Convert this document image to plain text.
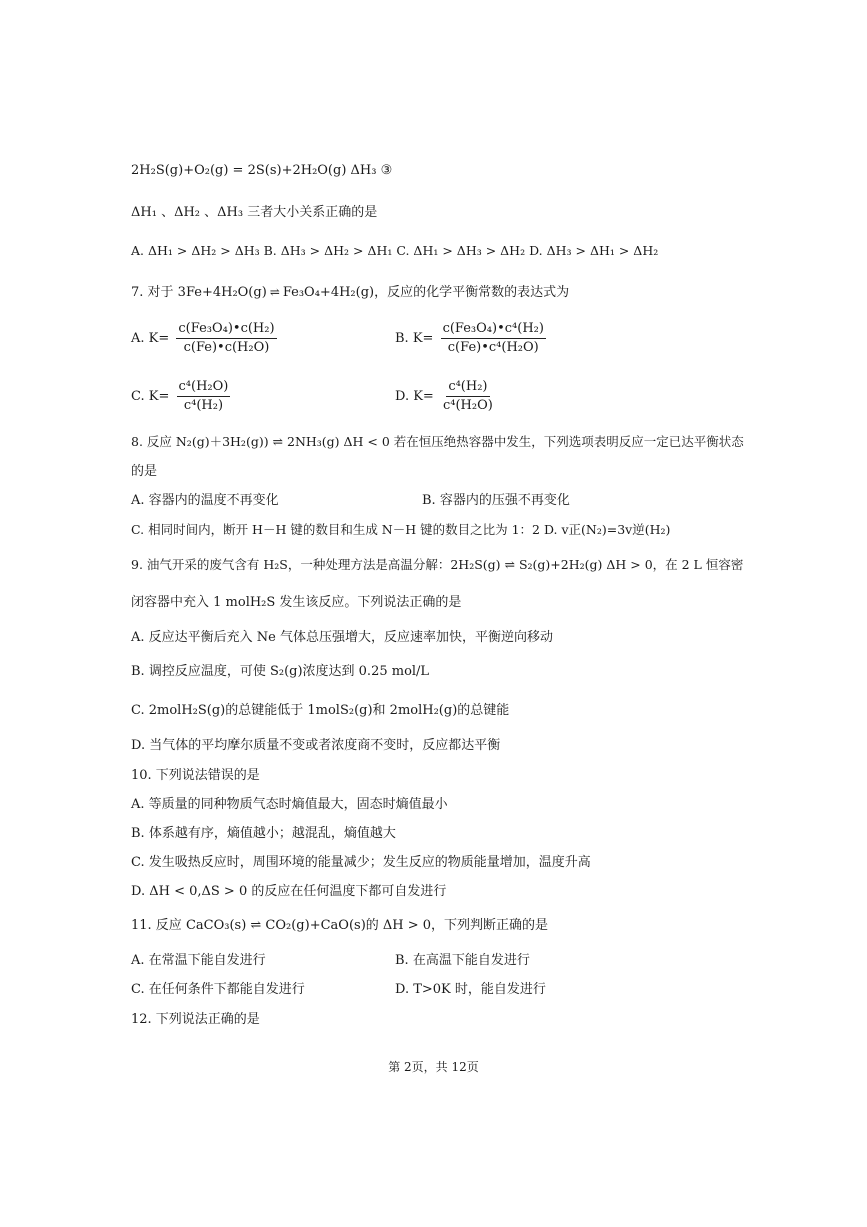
2H₂S(g)+O₂(g) = 2S(s)+2H₂O(g) ΔH₃ ③
ΔH₁ 、ΔH₂ 、ΔH₃ 三者大小关系正确的是
A. ΔH₁ > ΔH₂ > ΔH₃ B. ΔH₃ > ΔH₂ > ΔH₁ C. ΔH₁ > ΔH₃ > ΔH₂ D. ΔH₃ > ΔH₁ > ΔH₂
7. 对于 3Fe+4H₂O(g) ⇌ Fe₃O₄+4H₂(g)，反应的化学平衡常数的表达式为
A. $K= \frac{\text{c(Fe₃O₄)•c(H₂)}}{\text{c(Fe)•c(H₂O)}}$	B. $K= \frac{\text{c(Fe₃O₄)•c⁴(H₂)}}{\text{c(Fe)•c⁴(H₂O)}}$
C. $K= \frac{\text{c⁴(H₂O)}}{\text{c⁴(H₂)}}$	D. $K= \frac{\text{c⁴(H₂)}}{\text{c⁴(H₂O)}}$
8. 反应 N₂(g)＋3H₂(g)) ⇌ 2NH₃(g) ΔH < 0 若在恒压绝热容器中发生，下列选项表明反应一定已达平衡状态
的是
A. 容器内的温度不再变化	B. 容器内的压强不再变化
C. 相同时间内，断开 H－H 键的数目和生成 N－H 键的数目之比为 1：2 D. v正(N₂)=3v逆(H₂)
9. 油气开采的废气含有 H₂S，一种处理方法是高温分解：2H₂S(g) ⇌ S₂(g)+2H₂(g) ΔH > 0，在 2 L 恒容密
闭容器中充入 1 molH₂S 发生该反应。下列说法正确的是
A. 反应达平衡后充入 Ne 气体总压强增大，反应速率加快，平衡逆向移动
B. 调控反应温度，可使 S₂(g)浓度达到 0.25 mol/L
C. 2molH₂S(g)的总键能低于 1molS₂(g)和 2molH₂(g)的总键能
D. 当气体的平均摩尔质量不变或者浓度商不变时，反应都达平衡
10. 下列说法错误的是
A. 等质量的同种物质气态时熵值最大，固态时熵值最小
B. 体系越有序，熵值越小；越混乱，熵值越大
C. 发生吸热反应时，周围环境的能量减少；发生反应的物质能量增加，温度升高
D. ΔH < 0,ΔS > 0 的反应在任何温度下都可自发进行
11. 反应 CaCO₃(s) ⇌ CO₂(g)+CaO(s)的 ΔH > 0，下列判断正确的是
A. 在常温下能自发进行	B. 在高温下能自发进行
C. 在任何条件下都能自发进行	D. T>0K 时，能自发进行
12. 下列说法正确的是
第 2页，共 12页
